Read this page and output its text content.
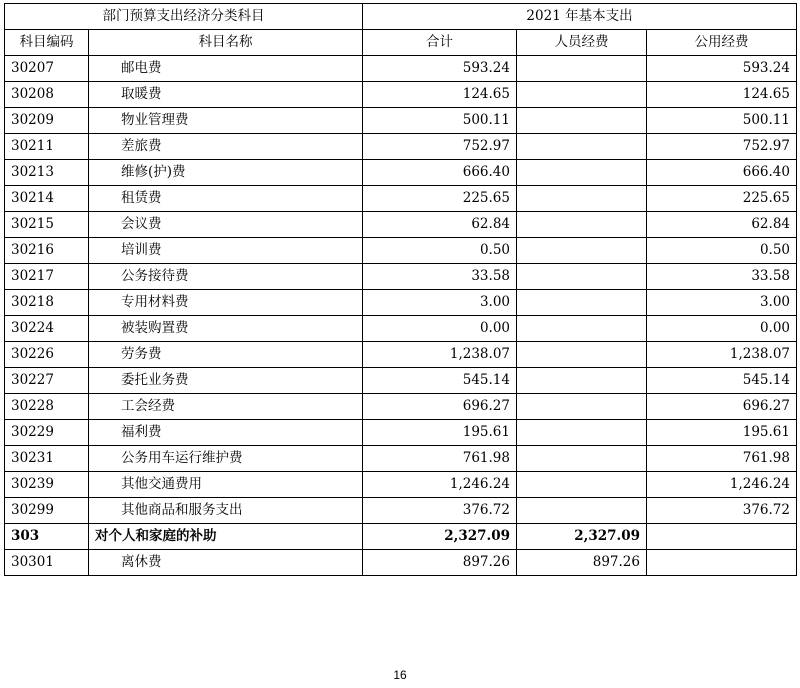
部门预算支出经济分类科目		2021 年基本支出		
科目编码	科目名称	合计	人员经费	公用经费
30207	邮电费	593.24		593.24
30208	取暖费	124.65		124.65
30209	物业管理费	500.11		500.11
30211	差旅费	752.97		752.97
30213	维修(护)费	666.40		666.40
30214	租赁费	225.65		225.65
30215	会议费	62.84		62.84
30216	培训费	0.50		0.50
30217	公务接待费	33.58		33.58
30218	专用材料费	3.00		3.00
30224	被装购置费	0.00		0.00
30226	劳务费	1,238.07		1,238.07
30227	委托业务费	545.14		545.14
30228	工会经费	696.27		696.27
30229	福利费	195.61		195.61
30231	公务用车运行维护费	761.98		761.98
30239	其他交通费用	1,246.24		1,246.24
30299	其他商品和服务支出	376.72		376.72
303	对个人和家庭的补助	2,327.09	2,327.09	
30301	离休费	897.26	897.26	
16
